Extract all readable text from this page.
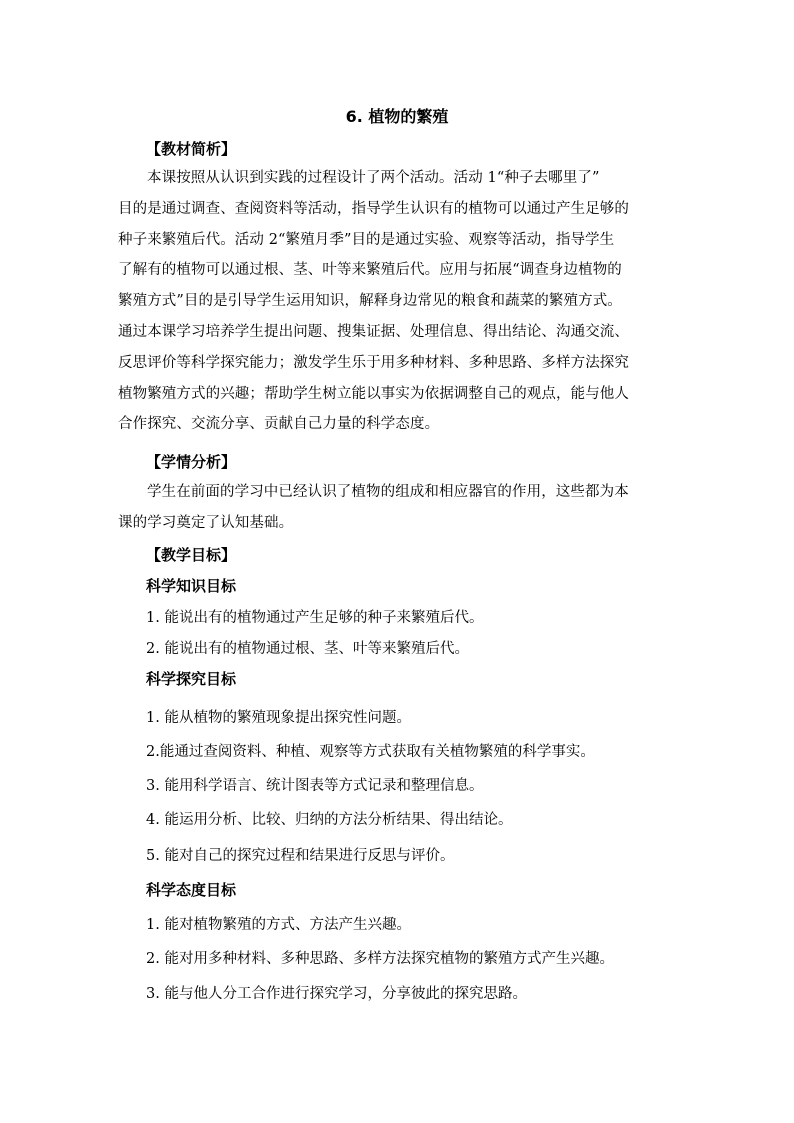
6. 植物的繁殖
【教材简析】
本课按照从认识到实践的过程设计了两个活动。活动 1“种子去哪里了”
目的是通过调查、查阅资料等活动，指导学生认识有的植物可以通过产生足够的
种子来繁殖后代。活动 2“繁殖月季”目的是通过实验、观察等活动，指导学生
了解有的植物可以通过根、茎、叶等来繁殖后代。应用与拓展“调查身边植物的
繁殖方式”目的是引导学生运用知识，解释身边常见的粮食和蔬菜的繁殖方式。
通过本课学习培养学生提出问题、搜集证据、处理信息、得出结论、沟通交流、
反思评价等科学探究能力；激发学生乐于用多种材料、多种思路、多样方法探究
植物繁殖方式的兴趣；帮助学生树立能以事实为依据调整自己的观点，能与他人
合作探究、交流分享、贡献自己力量的科学态度。
【学情分析】
学生在前面的学习中已经认识了植物的组成和相应器官的作用，这些都为本
课的学习奠定了认知基础。
【教学目标】
科学知识目标
1. 能说出有的植物通过产生足够的种子来繁殖后代。
2. 能说出有的植物通过根、茎、叶等来繁殖后代。
科学探究目标
1. 能从植物的繁殖现象提出探究性问题。
2.能通过查阅资料、种植、观察等方式获取有关植物繁殖的科学事实。
3. 能用科学语言、统计图表等方式记录和整理信息。
4. 能运用分析、比较、归纳的方法分析结果、得出结论。
5. 能对自己的探究过程和结果进行反思与评价。
科学态度目标
1. 能对植物繁殖的方式、方法产生兴趣。
2. 能对用多种材料、多种思路、多样方法探究植物的繁殖方式产生兴趣。
3. 能与他人分工合作进行探究学习，分享彼此的探究思路。
